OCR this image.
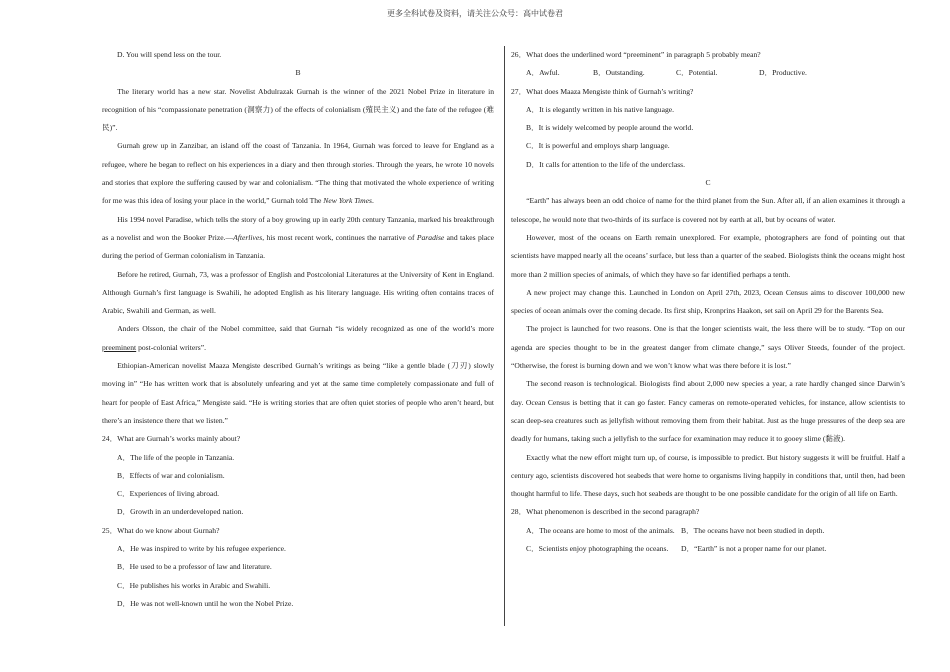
更多全科试卷及资料，请关注公众号：高中试卷君
D. You will spend less on the tour.

B

The literary world has a new star. Novelist Abdulrazak Gurnah is the winner of the 2021 Nobel Prize in literature in recognition of his “compassionate penetration (洞察力) of the effects of colonialism (殖民主义) and the fate of the refugee (难民)”.

Gurnah grew up in Zanzibar, an island off the coast of Tanzania. In 1964, Gurnah was forced to leave for England as a refugee, where he began to reflect on his experiences in a diary and then through stories. Through the years, he wrote 10 novels and stories that explore the suffering caused by war and colonialism. “The thing that motivated the whole experience of writing for me was this idea of losing your place in the world,” Gurnah told The New York Times.

His 1994 novel Paradise, which tells the story of a boy growing up in early 20th century Tanzania, marked his breakthrough as a novelist and won the Booker Prize.—Afterlives, his most recent work, continues the narrative of Paradise and takes place during the period of German colonialism in Tanzania.

Before he retired, Gurnah, 73, was a professor of English and Postcolonial Literatures at the University of Kent in England. Although Gurnah’s first language is Swahili, he adopted English as his literary language. His writing often contains traces of Arabic, Swahili and German, as well.

Anders Olsson, the chair of the Nobel committee, said that Gurnah “is widely recognized as one of the world’s more preeminent post-colonial writers”.

Ethiopian-American novelist Maaza Mengiste described Gurnah’s writings as being “like a gentle blade (刀刃) slowly moving in” “He has written work that is absolutely unfearing and yet at the same time completely compassionate and full of heart for people of East Africa,” Mengiste said. “He is writing stories that are often quiet stories of people who aren’t heard, but there’s an insistence there that we listen.”

24．What are Gurnah’s works mainly about?
A．The life of the people in Tanzania.
B．Effects of war and colonialism.
C．Experiences of living abroad.
D．Growth in an underdeveloped nation.
25．What do we know about Gurnah?
A．He was inspired to write by his refugee experience.
B．He used to be a professor of law and literature.
C．He publishes his works in Arabic and Swahili.
D．He was not well-known until he won the Nobel Prize.
26．What does the underlined word “preeminent” in paragraph 5 probably mean?
A．Awful.	B．Outstanding.	C．Potential.	D．Productive.
27．What does Maaza Mengiste think of Gurnah’s writing?
A．It is elegantly written in his native language.
B．It is widely welcomed by people around the world.
C．It is powerful and employs sharp language.
D．It calls for attention to the life of the underclass.

C

“Earth” has always been an odd choice of name for the third planet from the Sun. After all, if an alien examines it through a telescope, he would note that two-thirds of its surface is covered not by earth at all, but by oceans of water.

However, most of the oceans on Earth remain unexplored. For example, photographers are fond of pointing out that scientists have mapped nearly all the oceans’ surface, but less than a quarter of the seabed. Biologists think the oceans might host more than 2 million species of animals, of which they have so far identified perhaps a tenth.

A new project may change this. Launched in London on April 27th, 2023, Ocean Census aims to discover 100,000 new species of ocean animals over the coming decade. Its first ship, Kronprins Haakon, set sail on April 29 for the Barents Sea.

The project is launched for two reasons. One is that the longer scientists wait, the less there will be to study. “Top on our agenda are species thought to be in the greatest danger from climate change,” says Oliver Steeds, founder of the project. “Otherwise, the forest is burning down and we won’t know what was there before it is lost.”

The second reason is technological. Biologists find about 2,000 new species a year, a rate hardly changed since Darwin’s day. Ocean Census is betting that it can go faster. Fancy cameras on remote-operated vehicles, for instance, allow scientists to scan deep-sea creatures such as jellyfish without removing them from their habitat. Just as the huge pressures of the deep sea are deadly for humans, taking such a jellyfish to the surface for examination may reduce it to gooey slime (黏液).

Exactly what the new effort might turn up, of course, is impossible to predict. But history suggests it will be fruitful. Half a century ago, scientists discovered hot seabeds that were home to organisms living happily in conditions that, until then, had been thought harmful to life. These days, such hot seabeds are thought to be one possible candidate for the origin of all life on Earth.

28．What phenomenon is described in the second paragraph?
A．The oceans are home to most of the animals. B．The oceans have not been studied in depth.
C．Scientists enjoy photographing the oceans.	D．“Earth” is not a proper name for our planet.
